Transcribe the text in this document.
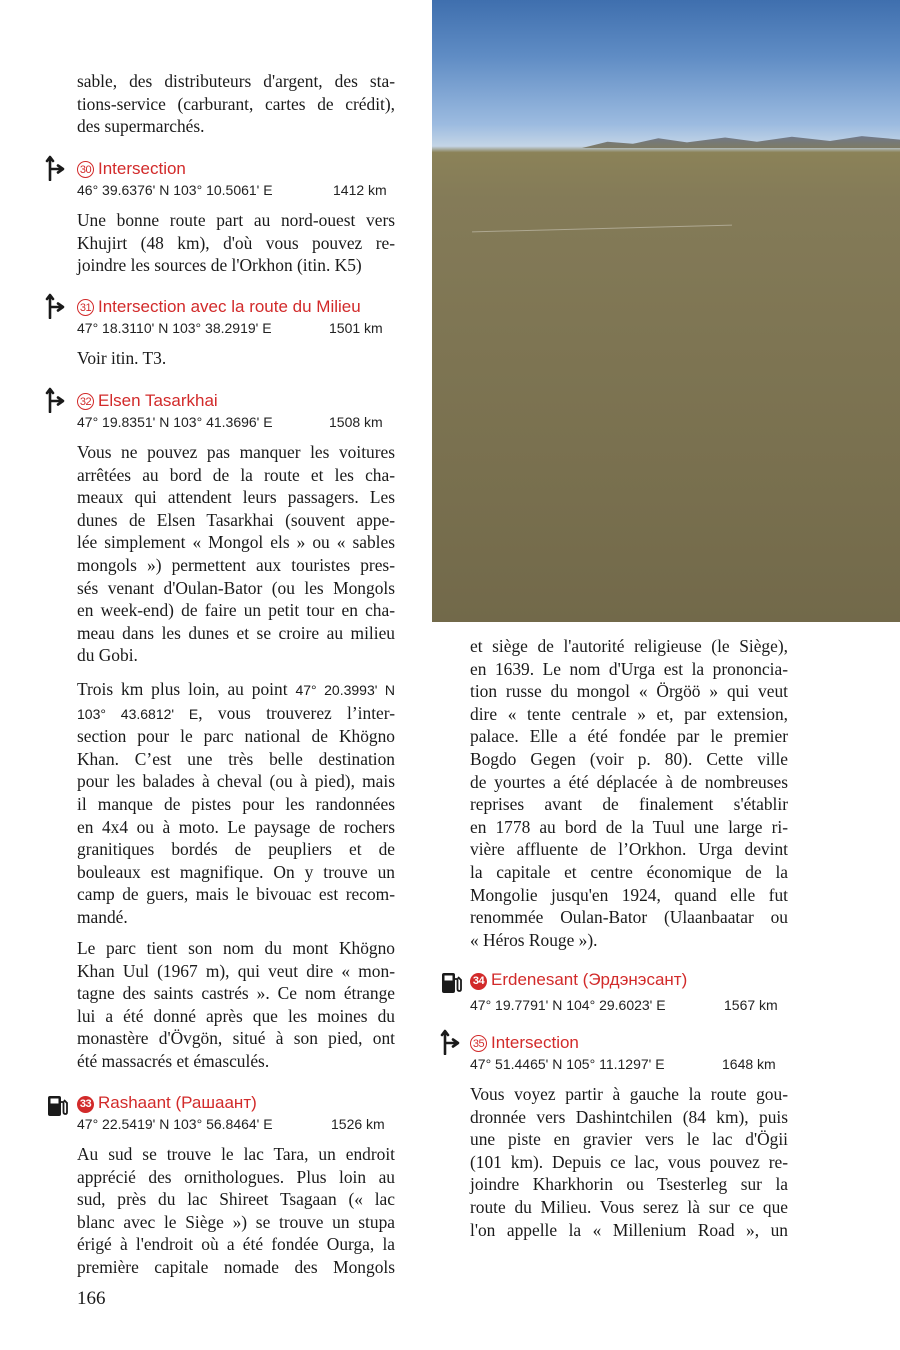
sable, des distributeurs d'argent, des sta-
tions-service (carburant, cartes de crédit),
des supermarchés.
30 Intersection
46° 39.6376' N 103° 10.5061' E	1412 km
Une bonne route part au nord-ouest vers
Khujirt (48 km), d'où vous pouvez re-
joindre les sources de l'Orkhon (itin. K5)
31 Intersection avec la route du Milieu
47° 18.3110' N 103° 38.2919' E	1501 km
Voir itin. T3.
32 Elsen Tasarkhai
47° 19.8351' N 103° 41.3696' E	1508 km
Vous ne pouvez pas manquer les voitures
arrêtées au bord de la route et les cha-
meaux qui attendent leurs passagers. Les
dunes de Elsen Tasarkhai (souvent appe-
lée simplement « Mongol els » ou « sables
mongols ») permettent aux touristes pres-
sés venant d'Oulan-Bator (ou les Mongols
en week-end) de faire un petit tour en cha-
meau dans les dunes et se croire au milieu
du Gobi.
Trois km plus loin, au point 47° 20.3993' N
103° 43.6812' E, vous trouverez l’inter-
section pour le parc national de Khögno
Khan. C’est une très belle destination
pour les balades à cheval (ou à pied), mais
il manque de pistes pour les randonnées
en 4x4 ou à moto. Le paysage de rochers
granitiques bordés de peupliers et de
bouleaux est magnifique. On y trouve un
camp de guers, mais le bivouac est recom-
mandé.
Le parc tient son nom du mont Khögno
Khan Uul (1967 m), qui veut dire « mon-
tagne des saints castrés ». Ce nom étrange
lui a été donné après que les moines du
monastère d'Övgön, situé à son pied, ont
été massacrés et émasculés.
33 Rashaant (Рашаант)
47° 22.5419' N 103° 56.8464' E	1526 km
Au sud se trouve le lac Tara, un endroit
apprécié des ornithologues. Plus loin au
sud, près du lac Shireet Tsagaan (« lac
blanc avec le Siège ») se trouve un stupa
érigé à l'endroit où a été fondée Ourga, la
première capitale nomade des Mongols
et siège de l'autorité religieuse (le Siège),
en 1639. Le nom d'Urga est la prononcia-
tion russe du mongol « Örgöö » qui veut
dire « tente centrale » et, par extension,
palace. Elle a été fondée par le premier
Bogdo Gegen (voir p. 80). Cette ville
de yourtes a été déplacée à de nombreuses
reprises avant de finalement s'établir
en 1778 au bord de la Tuul une large ri-
vière affluente de l’Orkhon. Urga devint
la capitale et centre économique de la
Mongolie jusqu'en 1924, quand elle fut
renommée Oulan-Bator (Ulaanbaatar ou
« Héros Rouge »).
34 Erdenesant (Эрдэнэсант)
47° 19.7791' N 104° 29.6023' E	1567 km
35 Intersection
47° 51.4465' N 105° 11.1297' E	1648 km
Vous voyez partir à gauche la route gou-
dronnée vers Dashintchilen (84 km), puis
une piste en gravier vers le lac d'Ögii
(101 km). Depuis ce lac, vous pouvez re-
joindre Kharkhorin ou Tsesterleg sur la
route du Milieu. Vous serez là sur ce que
l'on appelle la « Millenium Road », un
166
